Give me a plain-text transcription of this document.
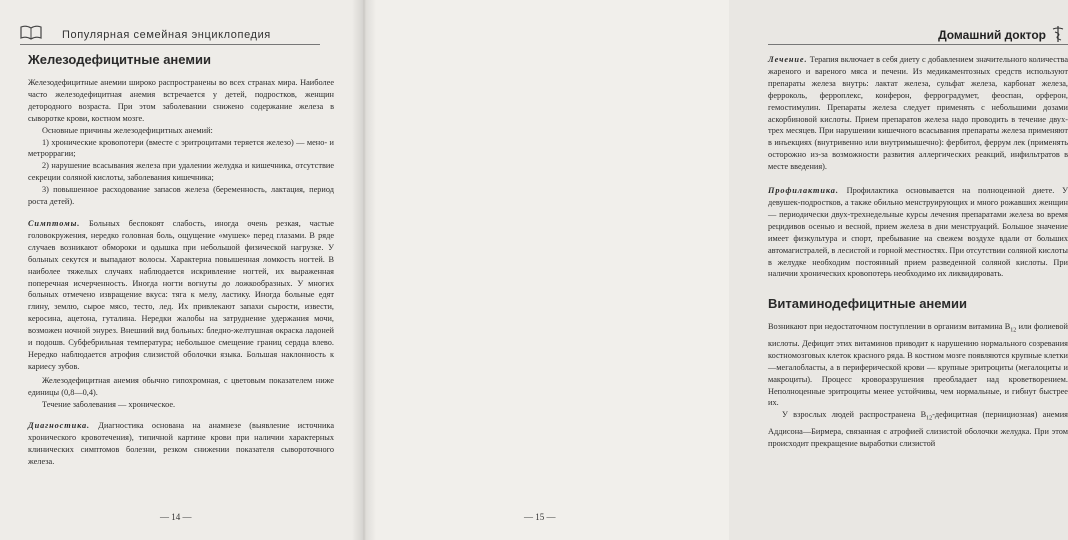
Популярная семейная энциклопедия
Железодефицитные анемии

Железодефицитные анемии широко распространены во всех странах мира. Наиболее часто железодефицитная анемия встречается у детей, подростков, женщин детородного возраста. При этом заболевании снижено содержание железа в сыворотке крови, костном мозге.

Основные причины железодефицитных анемий:

1) хронические кровопотери (вместе с эритроцитами теряется железо) — мено- и метроррагии;

2) нарушение всасывания железа при удалении желудка и кишечника, отсутствие секреции соляной кислоты, заболевания кишечника;

3) повышенное расходование запасов железа (беременность, лактация, период роста детей).

Симптомы. Больных беспокоят слабость, иногда очень резкая, частые головокружения, нередко головная боль, ощущение «мушек» перед глазами. В ряде случаев возникают обмороки и одышка при небольшой физической нагрузке. У больных секутся и выпадают волосы. Характерна повышенная ломкость ногтей. В наиболее тяжелых случаях наблюдается искривление ногтей, их выраженная поперечная исчерченность. Иногда ногти вогнуты до ложкообразных. У многих больных отмечено извращение вкуса: тяга к мелу, ластику. Иногда больные едят глину, землю, сырое мясо, тесто, лед. Их привлекают запахи сырости, извести, керосина, ацетона, гуталина. Нередки жалобы на затруднение удержания мочи, возможен ночной энурез. Внешний вид больных: бледно-желтушная окраска ладоней и подошв. Субфебрильная температура; небольшое смещение границ сердца влево. Нередко наблюдается атрофия слизистой оболочки языка. Большая наклонность к кариесу зубов.

Железодефицитная анемия обычно гипохромная, с цветовым показателем ниже единицы (0,8—0,4).

Течение заболевания — хроническое.

Диагностика. Диагностика основана на анамнезе (выявление источника хронического кровотечения), типичной картине крови при наличии характерных клинических симптомов болезни, резком снижении показателя сывороточного железа.

— 14 —
Домашний доктор

Лечение. Терапия включает в себя диету с добавлением значительного количества жареного и вареного мяса и печени. Из медикаментозных средств используют препараты железа внутрь: лактат железа, сульфат железа, карбонат железа, ферроколь, ферроплекс, конферон, ферроградумет, феоспан, орферон, гемостимулин. Препараты железа следует применять с небольшими дозами аскорбиновой кислоты. Прием препаратов железа надо проводить в течение двух-трех месяцев. При нарушении кишечного всасывания препараты железа применяют в инъекциях (внутривенно или внутримышечно): фербитол, феррум лек (применять осторожно из-за возможности развития аллергических реакций, инфильтратов в месте введения).

Профилактика. Профилактика основывается на полноценной диете. У девушек-подростков, а также обильно менструирующих и много рожавших женщин — периодически двух-трехнедельные курсы лечения препаратами железа во время рецидивов осенью и весной, прием железа в дни менструаций. Большое значение имеет физкультура и спорт, пребывание на свежем воздухе вдали от больших автомагистралей, в лесистой и горной местностях. При отсутствии соляной кислоты в желудке необходим постоянный прием разведенной соляной кислоты. При наличии хронических кровопотерь необходимо их ликвидировать.

Витаминодефицитные анемии

Возникают при недостаточном поступлении в организм витамина $B_{12}$ или фолиевой кислоты. Дефицит этих витаминов приводит к нарушению нормального созревания костномозговых клеток красного ряда. В костном мозге появляются крупные клетки —мегалобласты, а в периферической крови — крупные эритроциты (мегалоциты и макроциты). Процесс кроворазрушения преобладает над кроветворением. Неполноценные эритроциты менее устойчивы, чем нормальные, и гибнут быстрее их.

У взрослых людей распространена $B_{12}$-дефицитная (пернициозная) анемия Аддисона—Бирмера, связанная с атрофией слизистой оболочки желудка. При этом происходит прекращение выработки слизистой

— 15 —
